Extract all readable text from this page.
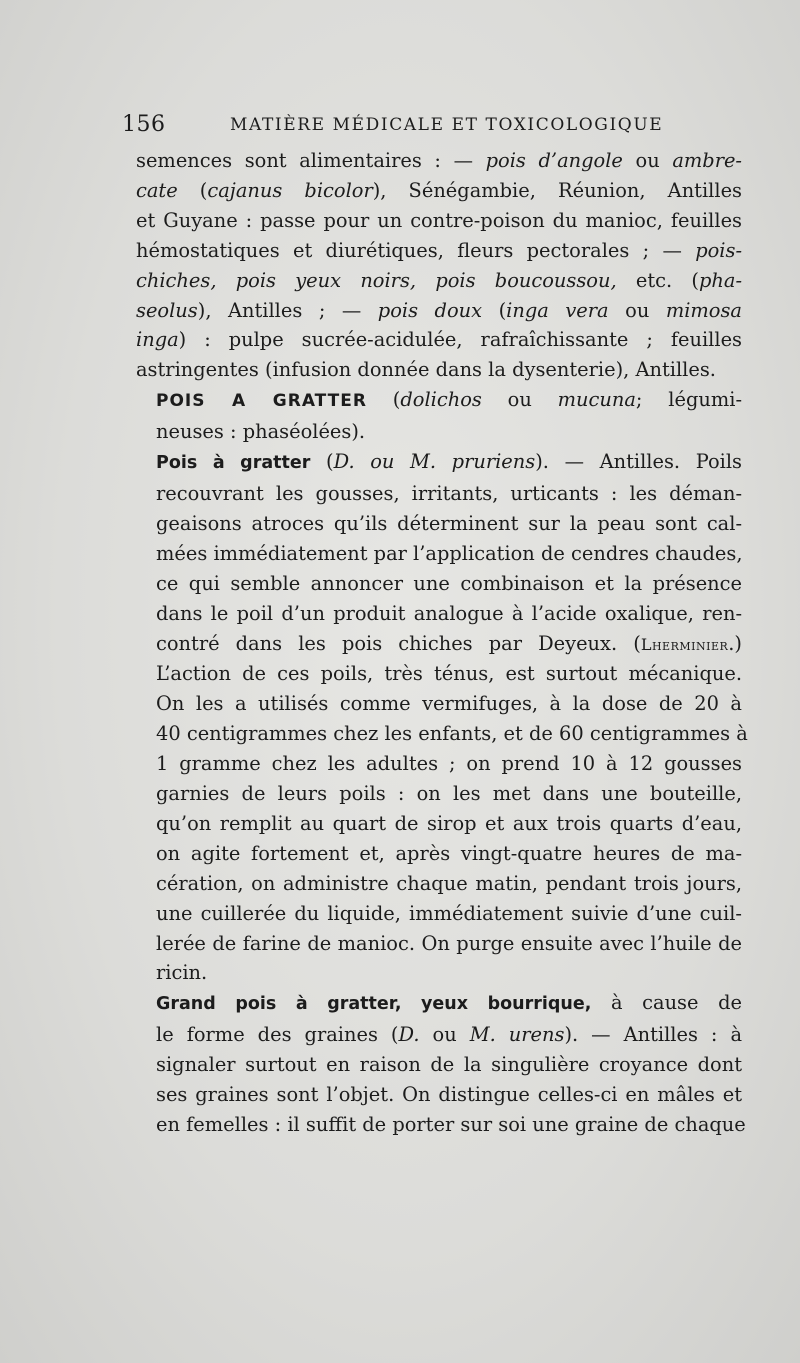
156	MATIÈRE MÉDICALE ET TOXICOLOGIQUE

semences sont alimentaires : — pois d’angole ou ambre-
cate (cajanus bicolor), Sénégambie, Réunion, Antilles
et Guyane : passe pour un contre-poison du manioc, feuilles
hémostatiques et diurétiques, fleurs pectorales ; — pois-
chiches, pois yeux noirs, pois boucoussou, etc. (pha-
seolus), Antilles ; — pois doux (inga vera ou mimosa
inga) : pulpe sucrée-acidulée, rafraîchissante ; feuilles
astringentes (infusion donnée dans la dysenterie), Antilles.

POIS A GRATTER (dolichos ou mucuna; légumi-
neuses : phaséolées).

Pois à gratter (D. ou M. pruriens). — Antilles. Poils
recouvrant les gousses, irritants, urticants : les déman-
geaisons atroces qu’ils déterminent sur la peau sont cal-
mées immédiatement par l’application de cendres chaudes,
ce qui semble annoncer une combinaison et la présence
dans le poil d’un produit analogue à l’acide oxalique, ren-
contré dans les pois chiches par Deyeux. (Lherminier.)
L’action de ces poils, très ténus, est surtout mécanique.
On les a utilisés comme vermifuges, à la dose de 20 à
40 centigrammes chez les enfants, et de 60 centigrammes à
1 gramme chez les adultes ; on prend 10 à 12 gousses
garnies de leurs poils : on les met dans une bouteille,
qu’on remplit au quart de sirop et aux trois quarts d’eau,
on agite fortement et, après vingt-quatre heures de ma-
cération, on administre chaque matin, pendant trois jours,
une cuillerée du liquide, immédiatement suivie d’une cuil-
lerée de farine de manioc. On purge ensuite avec l’huile de
ricin.

Grand pois à gratter, yeux bourrique, à cause de
le forme des graines (D. ou M. urens). — Antilles : à
signaler surtout en raison de la singulière croyance dont
ses graines sont l’objet. On distingue celles-ci en mâles et
en femelles : il suffit de porter sur soi une graine de chaque
